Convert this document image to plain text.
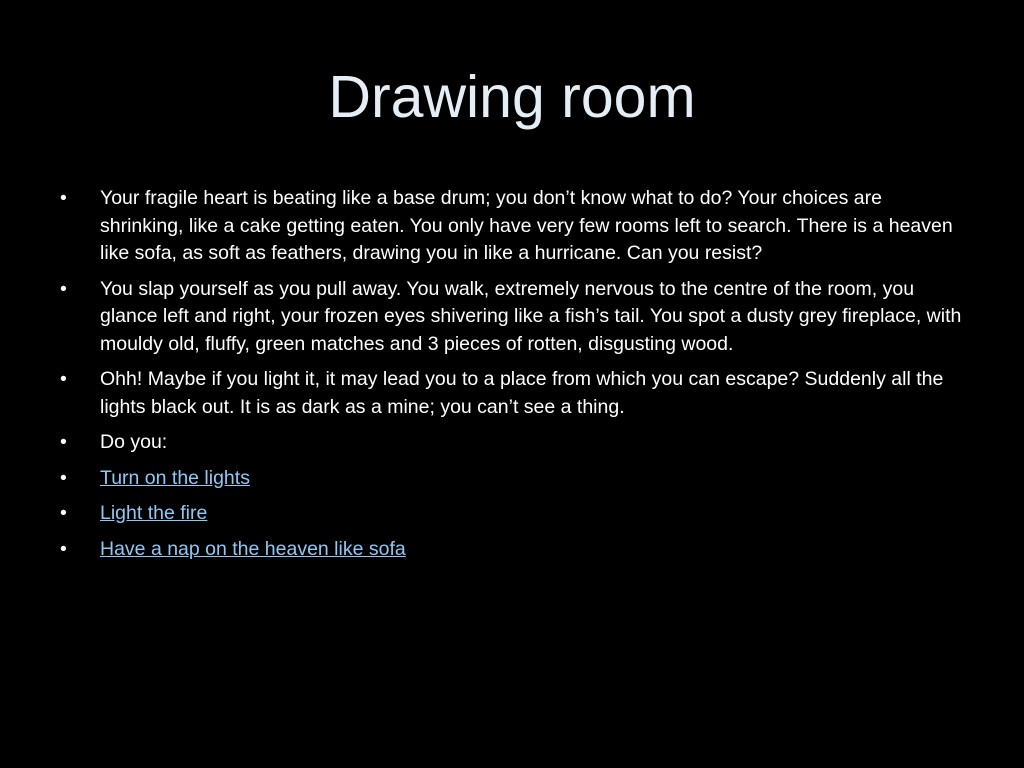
Drawing room
•	Your fragile heart is beating like a base drum; you don’t know what to do? Your choices are shrinking, like a cake getting eaten. You only have very few rooms left to search. There is a heaven like sofa, as soft as feathers, drawing you in like a hurricane. Can you resist?
•	You slap yourself as you pull away. You walk, extremely nervous to the centre of the room, you glance left and right, your frozen eyes shivering like a fish’s tail. You spot a dusty grey fireplace, with mouldy old, fluffy, green matches and 3 pieces of rotten, disgusting wood.
•	Ohh! Maybe if you light it, it may lead you to a place from which you can escape? Suddenly all the lights black out. It is as dark as a mine; you can’t see a thing.
•	Do you:
•	Turn on the lights
•	Light the fire
•	Have a nap on the heaven like sofa
